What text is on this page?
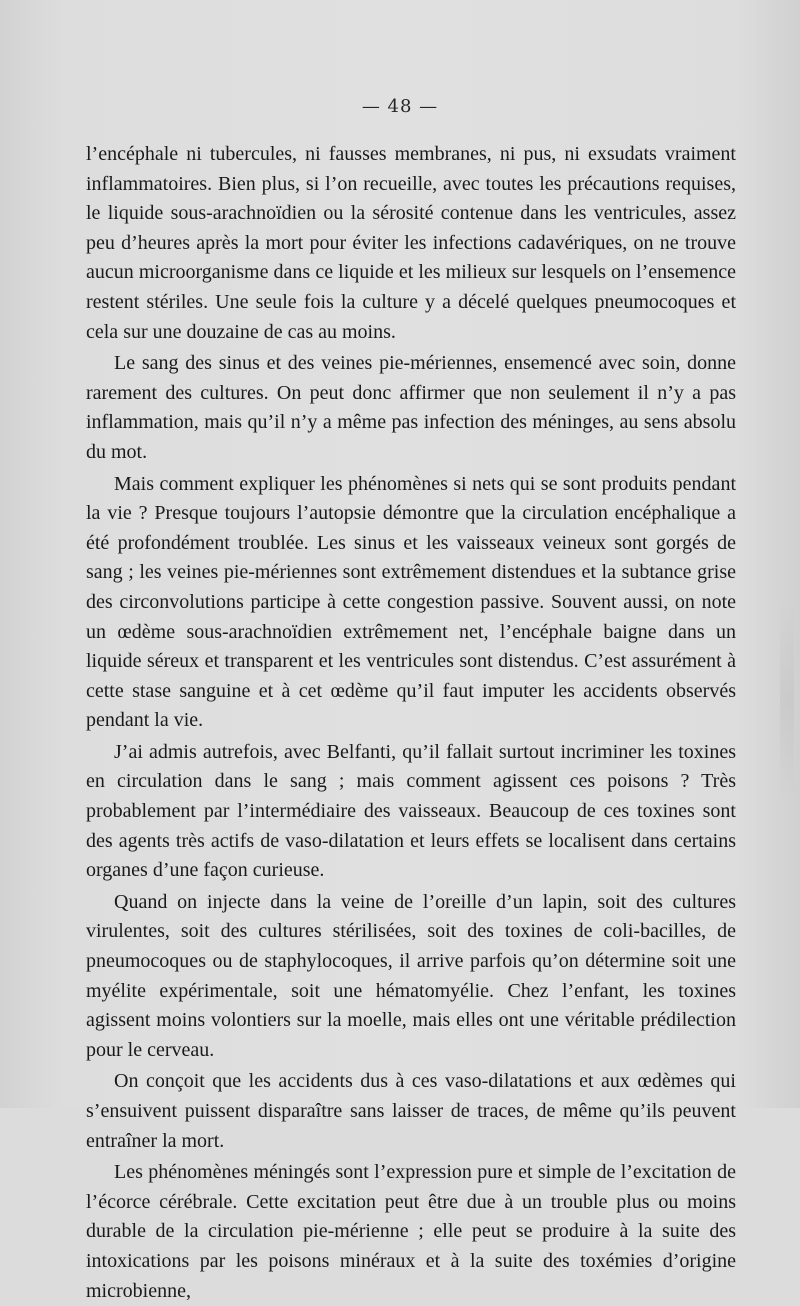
— 48 —

l’encéphale ni tubercules, ni fausses membranes, ni pus, ni exsudats vraiment inflammatoires. Bien plus, si l’on recueille, avec toutes les précautions requises, le liquide sous-arachnoïdien ou la sérosité contenue dans les ventricules, assez peu d’heures après la mort pour éviter les infections cadavériques, on ne trouve aucun microorganisme dans ce liquide et les milieux sur lesquels on l’ensemence restent stériles. Une seule fois la culture y a décelé quelques pneumocoques et cela sur une douzaine de cas au moins.

Le sang des sinus et des veines pie-mériennes, ensemencé avec soin, donne rarement des cultures. On peut donc affirmer que non seulement il n’y a pas inflammation, mais qu’il n’y a même pas infection des méninges, au sens absolu du mot.

Mais comment expliquer les phénomènes si nets qui se sont produits pendant la vie ? Presque toujours l’autopsie démontre que la circulation encéphalique a été profondément troublée. Les sinus et les vaisseaux veineux sont gorgés de sang ; les veines pie-mériennes sont extrêmement distendues et la subtance grise des circonvolutions participe à cette congestion passive. Souvent aussi, on note un œdème sous-arachnoïdien extrêmement net, l’encéphale baigne dans un liquide séreux et transparent et les ventricules sont distendus. C’est assurément à cette stase sanguine et à cet œdème qu’il faut imputer les accidents observés pendant la vie.

J’ai admis autrefois, avec Belfanti, qu’il fallait surtout incriminer les toxines en circulation dans le sang ; mais comment agissent ces poisons ? Très probablement par l’intermédiaire des vaisseaux. Beaucoup de ces toxines sont des agents très actifs de vaso-dilatation et leurs effets se localisent dans certains organes d’une façon curieuse.

Quand on injecte dans la veine de l’oreille d’un lapin, soit des cultures virulentes, soit des cultures stérilisées, soit des toxines de coli-bacilles, de pneumocoques ou de staphylocoques, il arrive parfois qu’on détermine soit une myélite expérimentale, soit une hématomyélie. Chez l’enfant, les toxines agissent moins volontiers sur la moelle, mais elles ont une véritable prédilection pour le cerveau.

On conçoit que les accidents dus à ces vaso-dilatations et aux œdèmes qui s’ensuivent puissent disparaître sans laisser de traces, de même qu’ils peuvent entraîner la mort.

Les phénomènes méningés sont l’expression pure et simple de l’excitation de l’écorce cérébrale. Cette excitation peut être due à un trouble plus ou moins durable de la circulation pie-mérienne ; elle peut se produire à la suite des intoxications par les poisons minéraux et à la suite des toxémies d’origine microbienne,
